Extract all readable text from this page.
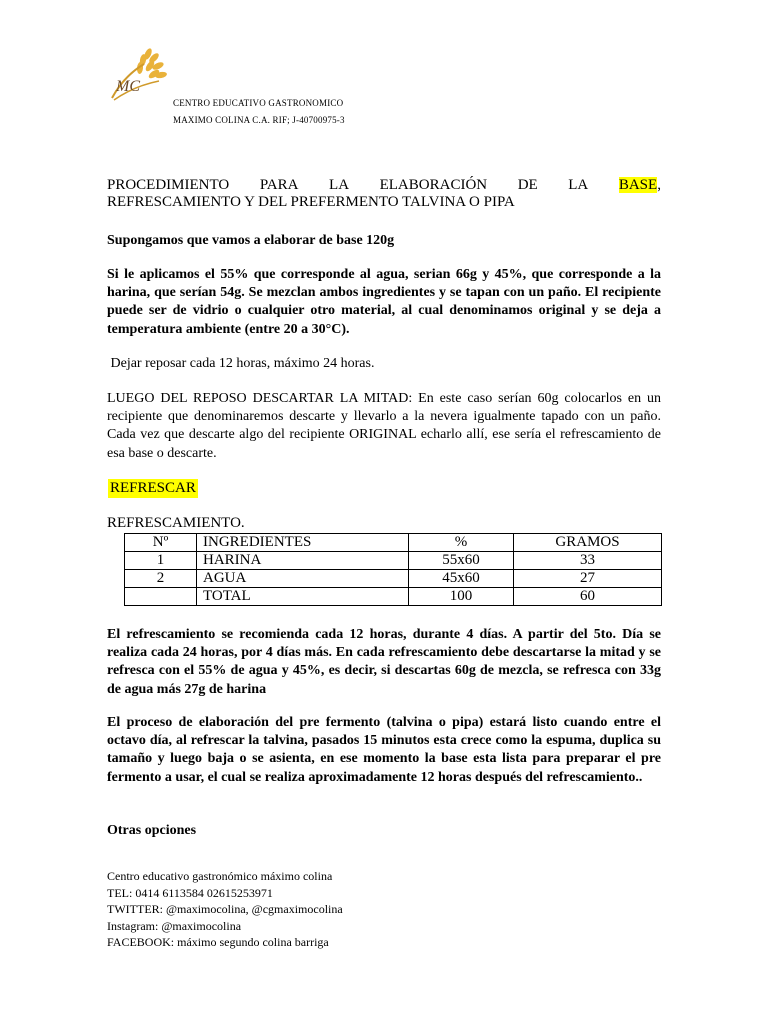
MC
CENTRO EDUCATIVO GASTRONOMICO
MAXIMO COLINA C.A. RIF; J-40700975-3
PROCEDIMIENTO PARA LA ELABORACIÓN DE LA BASE,
REFRESCAMIENTO Y DEL PREFERMENTO TALVINA O PIPA
Supongamos que vamos a elaborar de base 120g
Si le aplicamos el 55% que corresponde al agua, serian 66g y 45%, que corresponde a la harina, que serían 54g. Se mezclan ambos ingredientes y se tapan con un paño. El recipiente puede ser de vidrio o cualquier otro material, al cual denominamos original y se deja a temperatura ambiente (entre 20 a 30°C).
Dejar reposar cada 12 horas, máximo 24 horas.
LUEGO DEL REPOSO DESCARTAR LA MITAD: En este caso serían 60g colocarlos en un recipiente que denominaremos descarte y llevarlo a la nevera igualmente tapado con un paño. Cada vez que descarte algo del recipiente ORIGINAL echarlo allí, ese sería el refrescamiento de esa base o descarte.
REFRESCAR
REFRESCAMIENTO.
Nº	INGREDIENTES	%	GRAMOS
1	HARINA	55x60	33
2	AGUA	45x60	27
	TOTAL	100	60
El refrescamiento se recomienda cada 12 horas, durante 4 días. A partir del 5to. Día se realiza cada 24 horas, por 4 días más. En cada refrescamiento debe descartarse la mitad y se refresca con el 55% de agua y 45%, es decir, si descartas 60g de mezcla, se refresca con 33g de agua más 27g de harina
El proceso de elaboración del pre fermento (talvina o pipa) estará listo cuando entre el octavo día, al refrescar la talvina, pasados 15 minutos esta crece como la espuma, duplica su tamaño y luego baja o se asienta, en ese momento la base esta lista para preparar el pre fermento a usar, el cual se realiza aproximadamente 12 horas después del refrescamiento..
Otras opciones
Centro educativo gastronómico máximo colina
TEL: 0414 6113584 02615253971
TWITTER: @maximocolina, @cgmaximocolina
Instagram: @maximocolina
FACEBOOK: máximo segundo colina barriga
